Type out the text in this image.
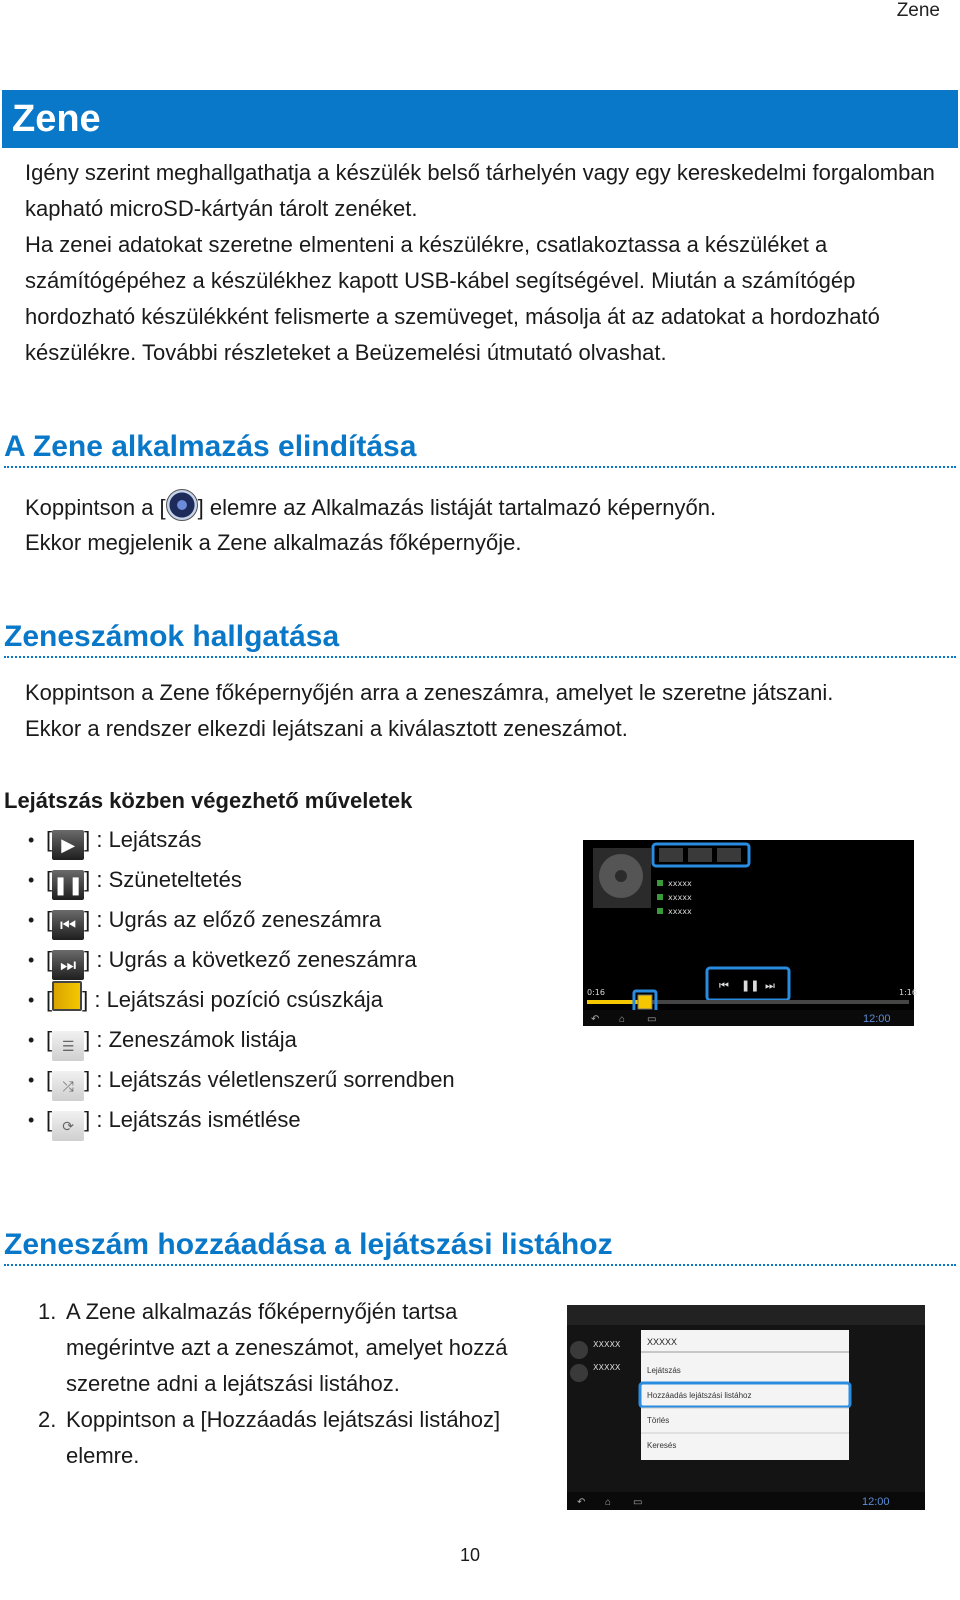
Zene
Zene

Igény szerint meghallgathatja a készülék belső tárhelyén vagy egy kereskedelmi forgalomban kapható microSD-kártyán tárolt zenéket.

Ha zenei adatokat szeretne elmenteni a készülékre, csatlakoztassa a készüléket a számítógépéhez a készülékhez kapott USB-kábel segítségével. Miután a számítógép hordozható készülékként felismerte a szemüveget, másolja át az adatokat a hordozható készülékre. További részleteket a Beüzemelési útmutató olvashat.

A Zene alkalmazás elindítása

Koppintson a [ ] elemre az Alkalmazás listáját tartalmazó képernyőn.

Ekkor megjelenik a Zene alkalmazás főképernyője.

Zeneszámok hallgatása

Koppintson a Zene főképernyőjén arra a zeneszámra, amelyet le szeretne játszani.

Ekkor a rendszer elkezdi lejátszani a kiválasztott zeneszámot.

Lejátszás közben végezhető műveletek
• [ ▶ ] : Lejátszás
• [❚❚] : Szüneteltetés
• [ ⏮ ] : Ugrás az előző zeneszámra
• [ ⏭ ] : Ugrás a következő zeneszámra
• [ ] : Lejátszási pozíció csúszkája
• [ ☰ ] : Zeneszámok listája
• [ ⤮ ] : Lejátszás véletlenszerű sorrendben
• [ ⟳ ] : Lejátszás ismétlése
xxxxx
xxxxx
xxxxx
⏮ ❚❚ ⏭
0:16	1:16
↶ ⌂ ▭	12:00
Zeneszám hozzáadása a lejátszási listához
1. A Zene alkalmazás főképernyőjén tartsa megérintve azt a zeneszámot, amelyet hozzá szeretne adni a lejátszási listához.
2. Koppintson a [Hozzáadás lejátszási listához] elemre.
XXXXX
XXXXX
XXXXX
Lejátszás
Hozzáadás lejátszási listához
Törlés
Keresés
↶ ⌂ ▭	12:00
10
